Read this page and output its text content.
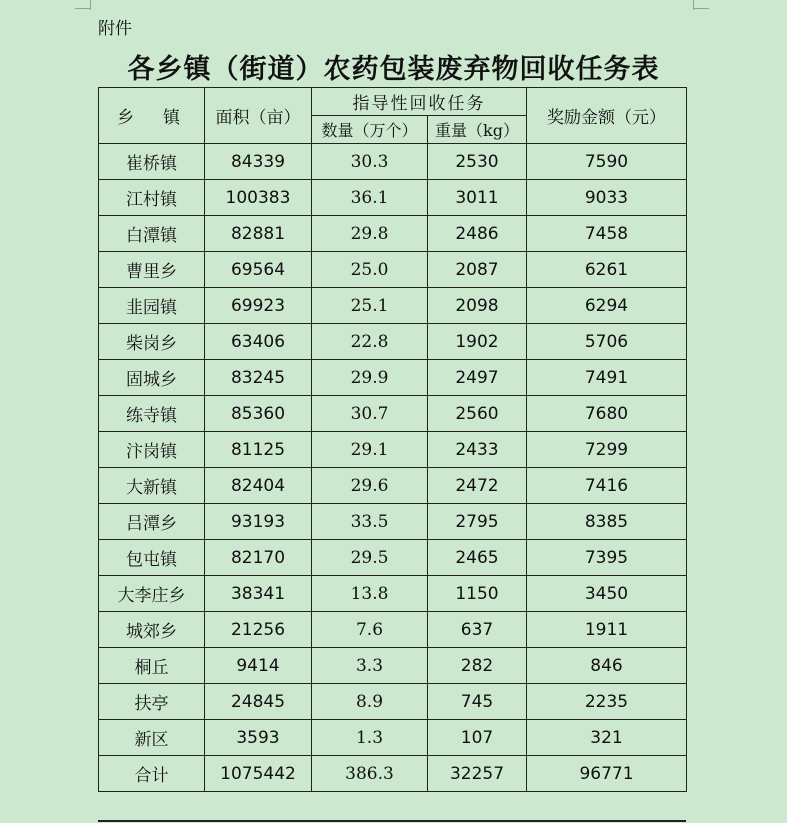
附件
各乡镇（街道）农药包装废弃物回收任务表
乡　镇	面积（亩）	指导性回收任务		奖励金额（元）
		数量（万个）	重量（kg）	
崔桥镇	84339	30.3	2530	7590
江村镇	100383	36.1	3011	9033
白潭镇	82881	29.8	2486	7458
曹里乡	69564	25.0	2087	6261
韭园镇	69923	25.1	2098	6294
柴岗乡	63406	22.8	1902	5706
固城乡	83245	29.9	2497	7491
练寺镇	85360	30.7	2560	7680
汴岗镇	81125	29.1	2433	7299
大新镇	82404	29.6	2472	7416
吕潭乡	93193	33.5	2795	8385
包屯镇	82170	29.5	2465	7395
大李庄乡	38341	13.8	1150	3450
城郊乡	21256	7.6	637	1911
桐丘	9414	3.3	282	846
扶亭	24845	8.9	745	2235
新区	3593	1.3	107	321
合计	1075442	386.3	32257	96771
